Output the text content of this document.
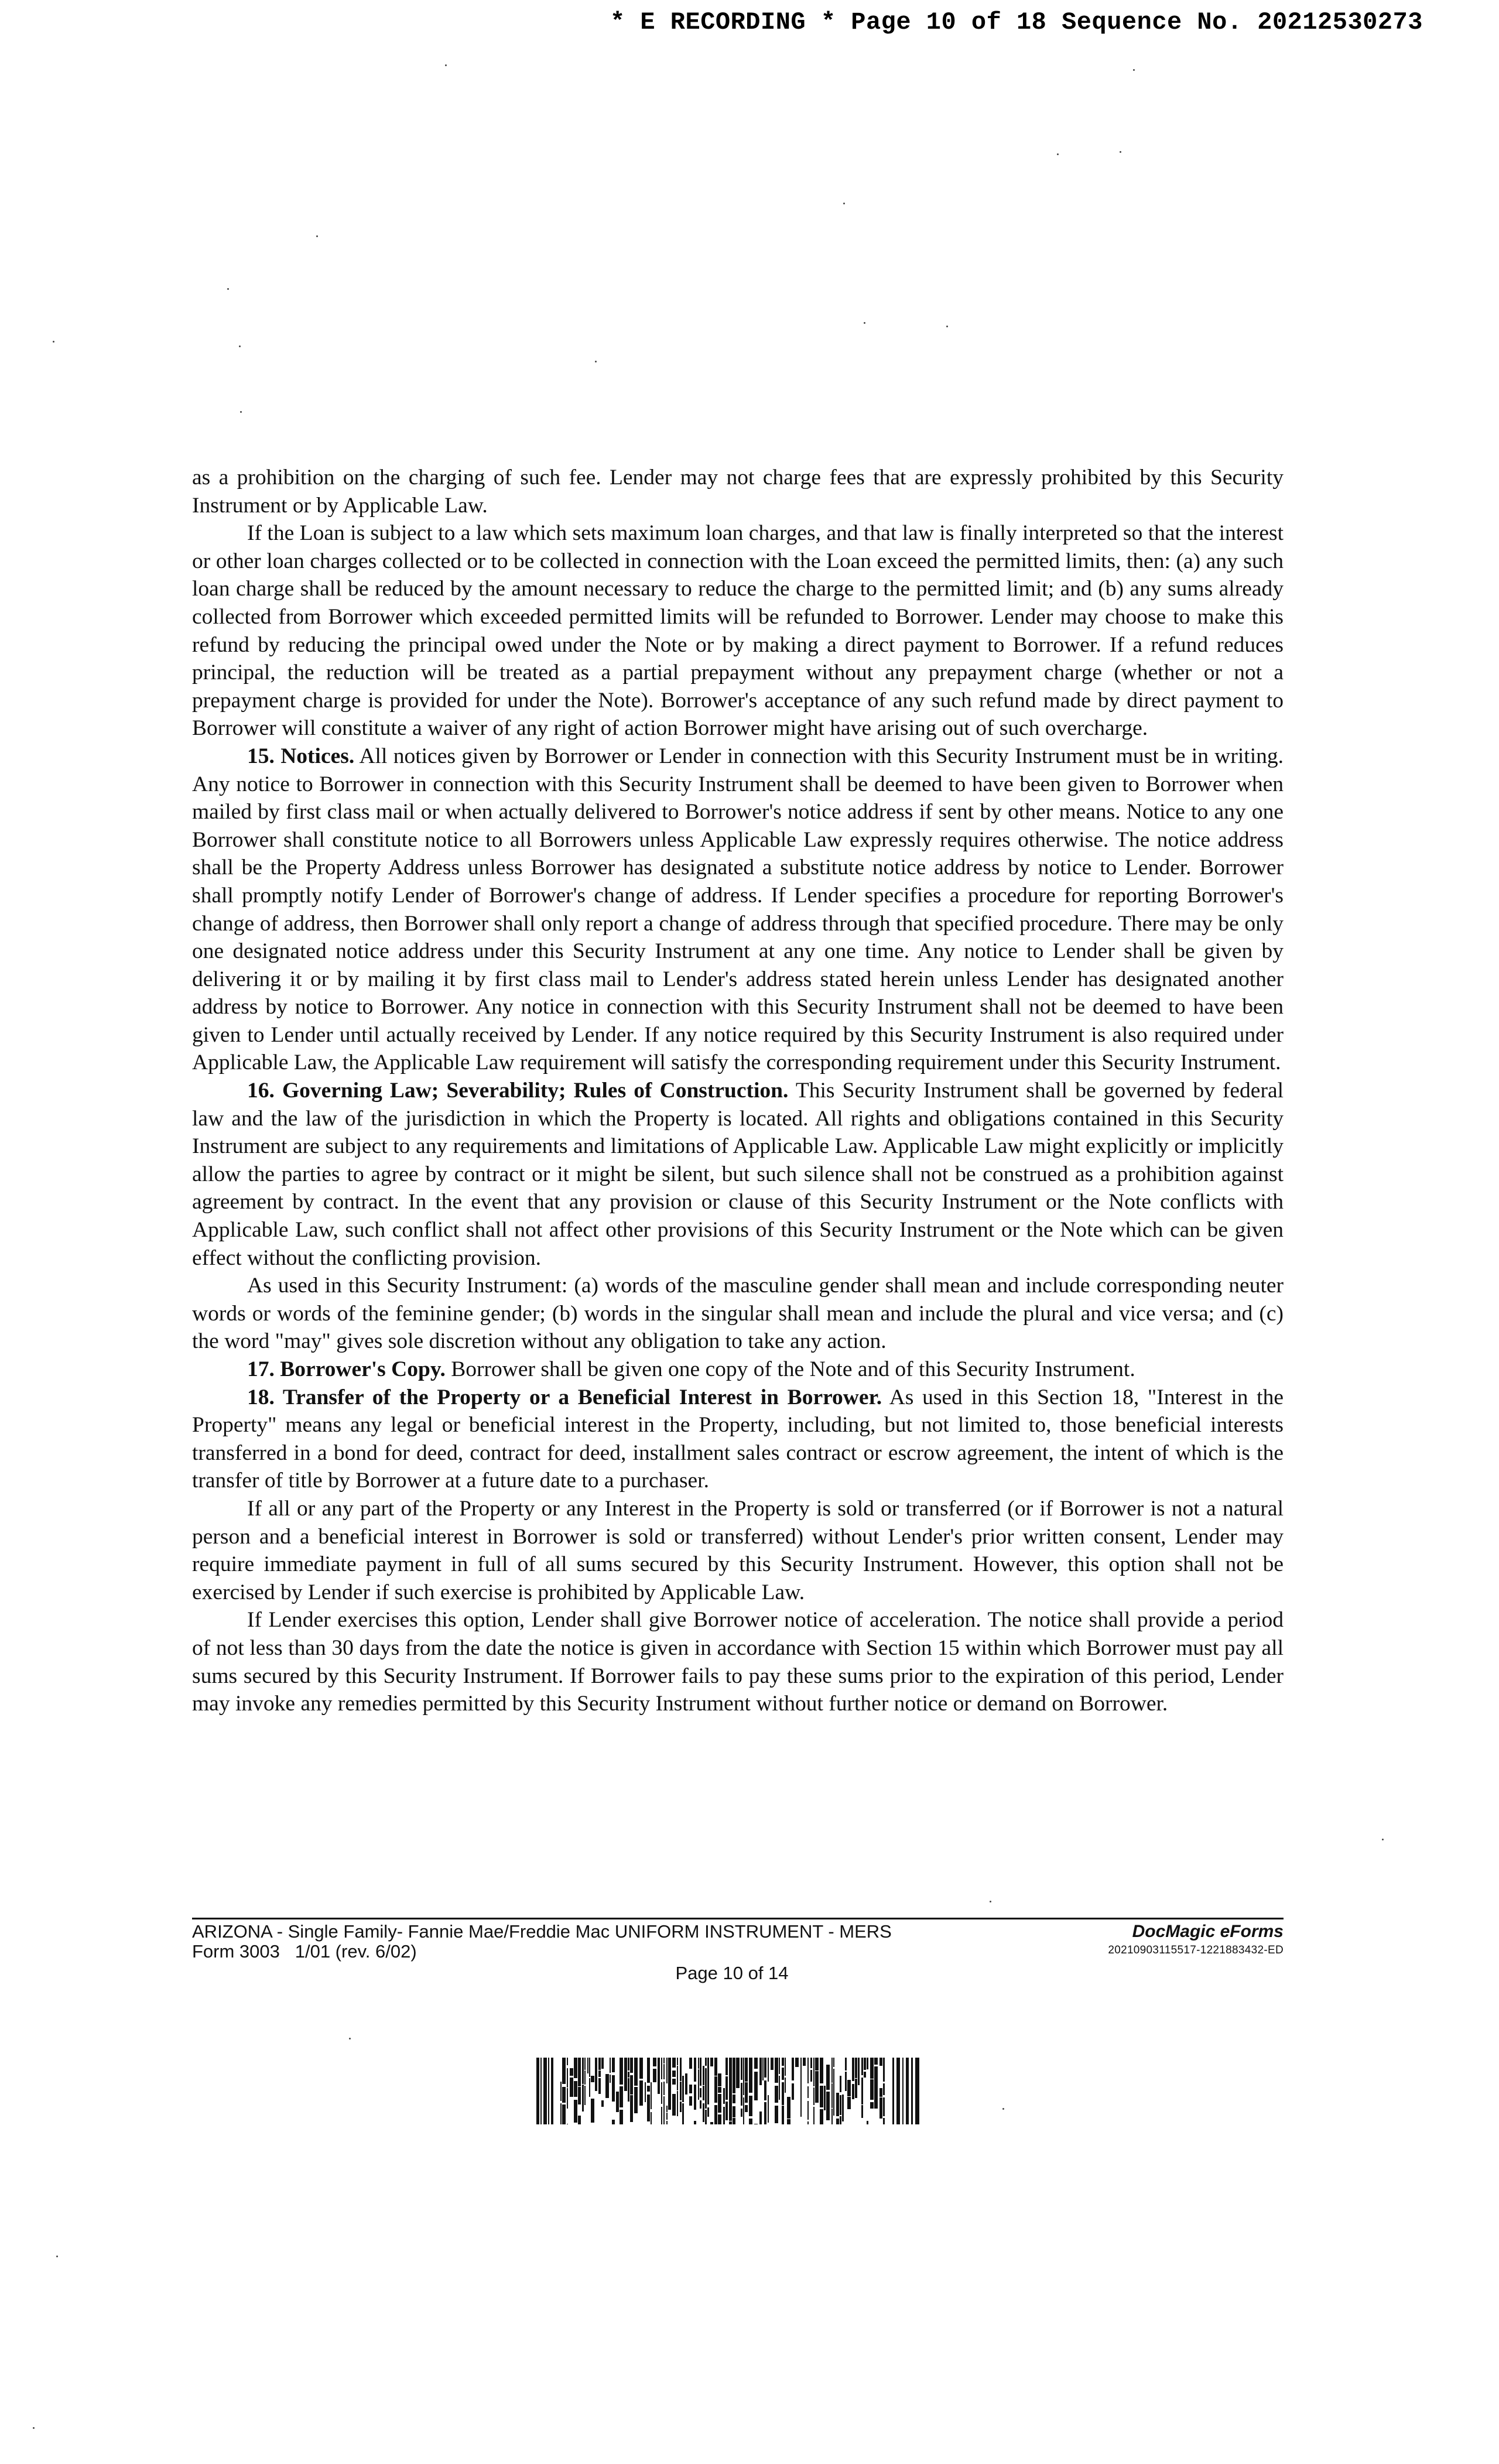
* E RECORDING * Page 10 of 18 Sequence No. 20212530273

as a prohibition on the charging of such fee. Lender may not charge fees that are expressly prohibited by this Security Instrument or by Applicable Law.

If the Loan is subject to a law which sets maximum loan charges, and that law is finally interpreted so that the interest or other loan charges collected or to be collected in connection with the Loan exceed the permitted limits, then: (a) any such loan charge shall be reduced by the amount necessary to reduce the charge to the permitted limit; and (b) any sums already collected from Borrower which exceeded permitted limits will be refunded to Borrower. Lender may choose to make this refund by reducing the principal owed under the Note or by making a direct payment to Borrower. If a refund reduces principal, the reduction will be treated as a partial prepayment without any prepayment charge (whether or not a prepayment charge is provided for under the Note). Borrower's acceptance of any such refund made by direct payment to Borrower will constitute a waiver of any right of action Borrower might have arising out of such overcharge.

15. Notices. All notices given by Borrower or Lender in connection with this Security Instrument must be in writing. Any notice to Borrower in connection with this Security Instrument shall be deemed to have been given to Borrower when mailed by first class mail or when actually delivered to Borrower's notice address if sent by other means. Notice to any one Borrower shall constitute notice to all Borrowers unless Applicable Law expressly requires otherwise. The notice address shall be the Property Address unless Borrower has designated a substitute notice address by notice to Lender. Borrower shall promptly notify Lender of Borrower's change of address. If Lender specifies a procedure for reporting Borrower's change of address, then Borrower shall only report a change of address through that specified procedure. There may be only one designated notice address under this Security Instrument at any one time. Any notice to Lender shall be given by delivering it or by mailing it by first class mail to Lender's address stated herein unless Lender has designated another address by notice to Borrower. Any notice in connection with this Security Instrument shall not be deemed to have been given to Lender until actually received by Lender. If any notice required by this Security Instrument is also required under Applicable Law, the Applicable Law requirement will satisfy the corresponding requirement under this Security Instrument.

16. Governing Law; Severability; Rules of Construction. This Security Instrument shall be governed by federal law and the law of the jurisdiction in which the Property is located. All rights and obligations contained in this Security Instrument are subject to any requirements and limitations of Applicable Law. Applicable Law might explicitly or implicitly allow the parties to agree by contract or it might be silent, but such silence shall not be construed as a prohibition against agreement by contract. In the event that any provision or clause of this Security Instrument or the Note conflicts with Applicable Law, such conflict shall not affect other provisions of this Security Instrument or the Note which can be given effect without the conflicting provision.

As used in this Security Instrument: (a) words of the masculine gender shall mean and include corresponding neuter words or words of the feminine gender; (b) words in the singular shall mean and include the plural and vice versa; and (c) the word "may" gives sole discretion without any obligation to take any action.

17. Borrower's Copy. Borrower shall be given one copy of the Note and of this Security Instrument.

18. Transfer of the Property or a Beneficial Interest in Borrower. As used in this Section 18, "Interest in the Property" means any legal or beneficial interest in the Property, including, but not limited to, those beneficial interests transferred in a bond for deed, contract for deed, installment sales contract or escrow agreement, the intent of which is the transfer of title by Borrower at a future date to a purchaser.

If all or any part of the Property or any Interest in the Property is sold or transferred (or if Borrower is not a natural person and a beneficial interest in Borrower is sold or transferred) without Lender's prior written consent, Lender may require immediate payment in full of all sums secured by this Security Instrument. However, this option shall not be exercised by Lender if such exercise is prohibited by Applicable Law.

If Lender exercises this option, Lender shall give Borrower notice of acceleration. The notice shall provide a period of not less than 30 days from the date the notice is given in accordance with Section 15 within which Borrower must pay all sums secured by this Security Instrument. If Borrower fails to pay these sums prior to the expiration of this period, Lender may invoke any remedies permitted by this Security Instrument without further notice or demand on Borrower.

ARIZONA - Single Family- Fannie Mae/Freddie Mac UNIFORM INSTRUMENT - MERS
Form 3003   1/01 (rev. 6/02)
Page 10 of 14
DocMagic eForms
20210903115517-1221883432-ED
